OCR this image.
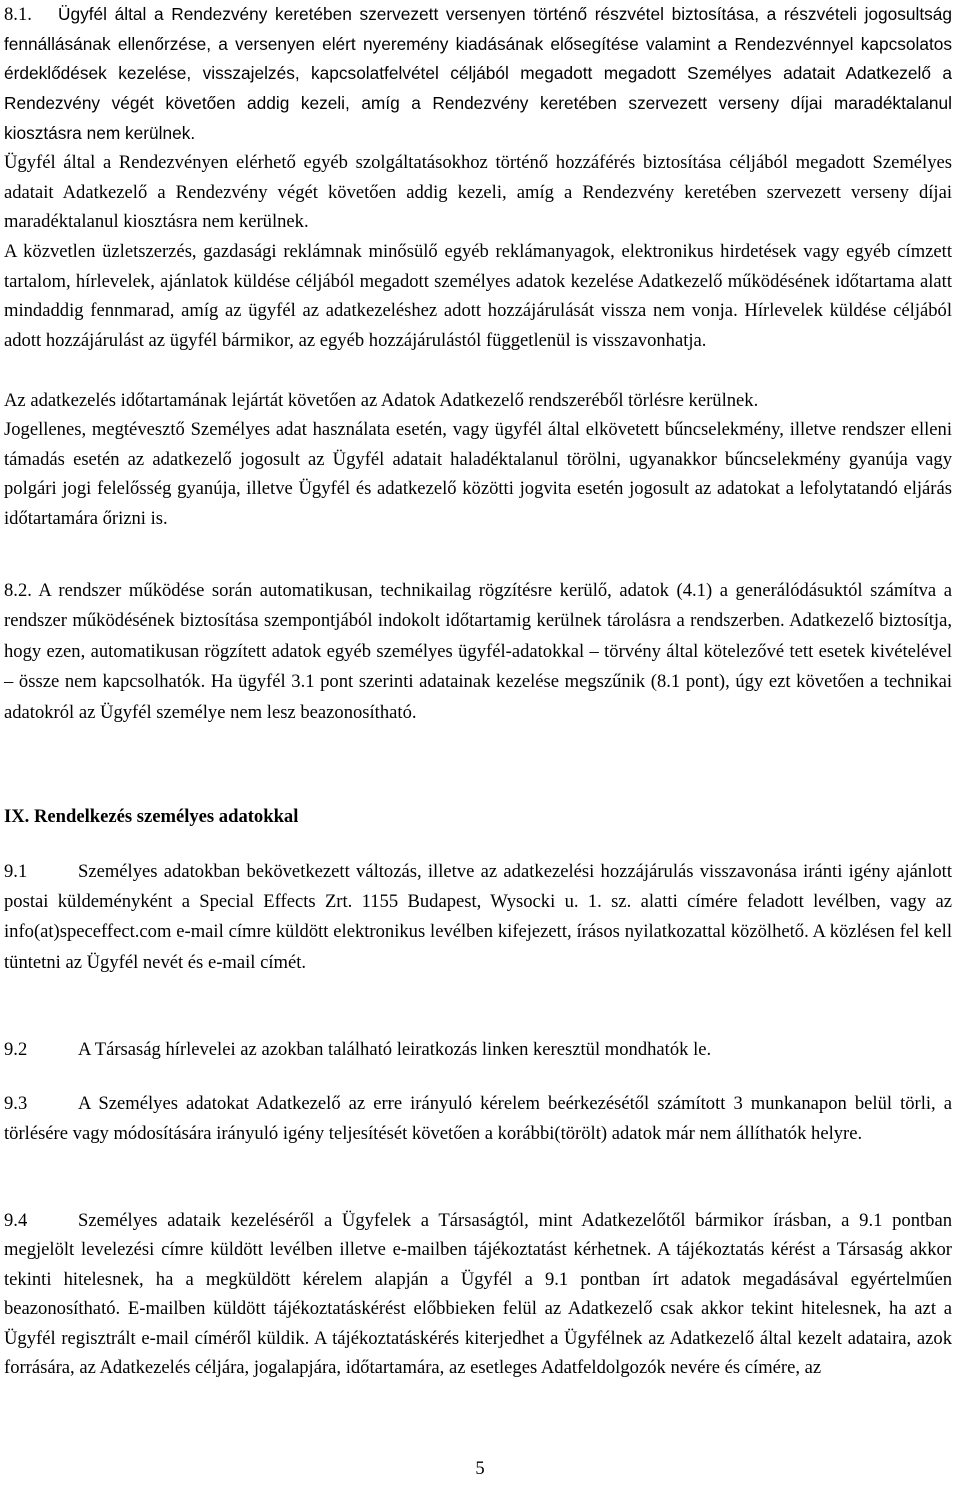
8.1. Ügyfél által a Rendezvény keretében szervezett versenyen történő részvétel biztosítása, a részvételi jogosultság fennállásának ellenőrzése, a versenyen elért nyeremény kiadásának elősegítése valamint a Rendezvénnyel kapcsolatos érdeklődések kezelése, visszajelzés, kapcsolatfelvétel céljából megadott megadott Személyes adatait Adatkezelő a Rendezvény végét követően addig kezeli, amíg a Rendezvény keretében szervezett verseny díjai maradéktalanul kiosztásra nem kerülnek.

Ügyfél által a Rendezvényen elérhető egyéb szolgáltatásokhoz történő hozzáférés biztosítása céljából megadott Személyes adatait Adatkezelő a Rendezvény végét követően addig kezeli, amíg a Rendezvény keretében szervezett verseny díjai maradéktalanul kiosztásra nem kerülnek.

A közvetlen üzletszerzés, gazdasági reklámnak minősülő egyéb reklámanyagok, elektronikus hirdetések vagy egyéb címzett tartalom, hírlevelek, ajánlatok küldése céljából megadott személyes adatok kezelése Adatkezelő működésének időtartama alatt mindaddig fennmarad, amíg az ügyfél az adatkezeléshez adott hozzájárulását vissza nem vonja. Hírlevelek küldése céljából adott hozzájárulást az ügyfél bármikor, az egyéb hozzájárulástól függetlenül is visszavonhatja.

Az adatkezelés időtartamának lejártát követően az Adatok Adatkezelő rendszeréből törlésre kerülnek.

Jogellenes, megtévesztő Személyes adat használata esetén, vagy ügyfél által elkövetett bűncselekmény, illetve rendszer elleni támadás esetén az adatkezelő jogosult az Ügyfél adatait haladéktalanul törölni, ugyanakkor bűncselekmény gyanúja vagy polgári jogi felelősség gyanúja, illetve Ügyfél és adatkezelő közötti jogvita esetén jogosult az adatokat a lefolytatandó eljárás időtartamára őrizni is.

8.2. A rendszer működése során automatikusan, technikailag rögzítésre kerülő, adatok (4.1) a generálódásuktól számítva a rendszer működésének biztosítása szempontjából indokolt időtartamig kerülnek tárolásra a rendszerben. Adatkezelő biztosítja, hogy ezen, automatikusan rögzített adatok egyéb személyes ügyfél-adatokkal – törvény által kötelezővé tett esetek kivételével – össze nem kapcsolhatók. Ha ügyfél 3.1 pont szerinti adatainak kezelése megszűnik (8.1 pont), úgy ezt követően a technikai adatokról az Ügyfél személye nem lesz beazonosítható.

IX. Rendelkezés személyes adatokkal

9.1	Személyes adatokban bekövetkezett változás, illetve az adatkezelési hozzájárulás visszavonása iránti igény ajánlott postai küldeményként a Special Effects Zrt. 1155 Budapest, Wysocki u. 1. sz. alatti címére feladott levélben, vagy az info(at)speceffect.com e-mail címre küldött elektronikus levélben kifejezett, írásos nyilatkozattal közölhető. A közlésen fel kell tüntetni az Ügyfél nevét és e-mail címét.

9.2	A Társaság hírlevelei az azokban található leiratkozás linken keresztül mondhatók le.

9.3	A Személyes adatokat Adatkezelő az erre irányuló kérelem beérkezésétől számított 3 munkanapon belül törli, a törlésére vagy módosítására irányuló igény teljesítését követően a korábbi(törölt) adatok már nem állíthatók helyre.

9.4	Személyes adataik kezeléséről a Ügyfelek a Társaságtól, mint Adatkezelőtől bármikor írásban, a 9.1 pontban megjelölt levelezési címre küldött levélben illetve e-mailben tájékoztatást kérhetnek. A tájékoztatás kérést a Társaság akkor tekinti hitelesnek, ha a megküldött kérelem alapján a Ügyfél a 9.1 pontban írt adatok megadásával egyértelműen beazonosítható. E-mailben küldött tájékoztatáskérést előbbieken felül az Adatkezelő csak akkor tekint hitelesnek, ha azt a Ügyfél regisztrált e-mail címéről küldik. A tájékoztatáskérés kiterjedhet a Ügyfélnek az Adatkezelő által kezelt adataira, azok forrására, az Adatkezelés céljára, jogalapjára, időtartamára, az esetleges Adatfeldolgozók nevére és címére, az

5
